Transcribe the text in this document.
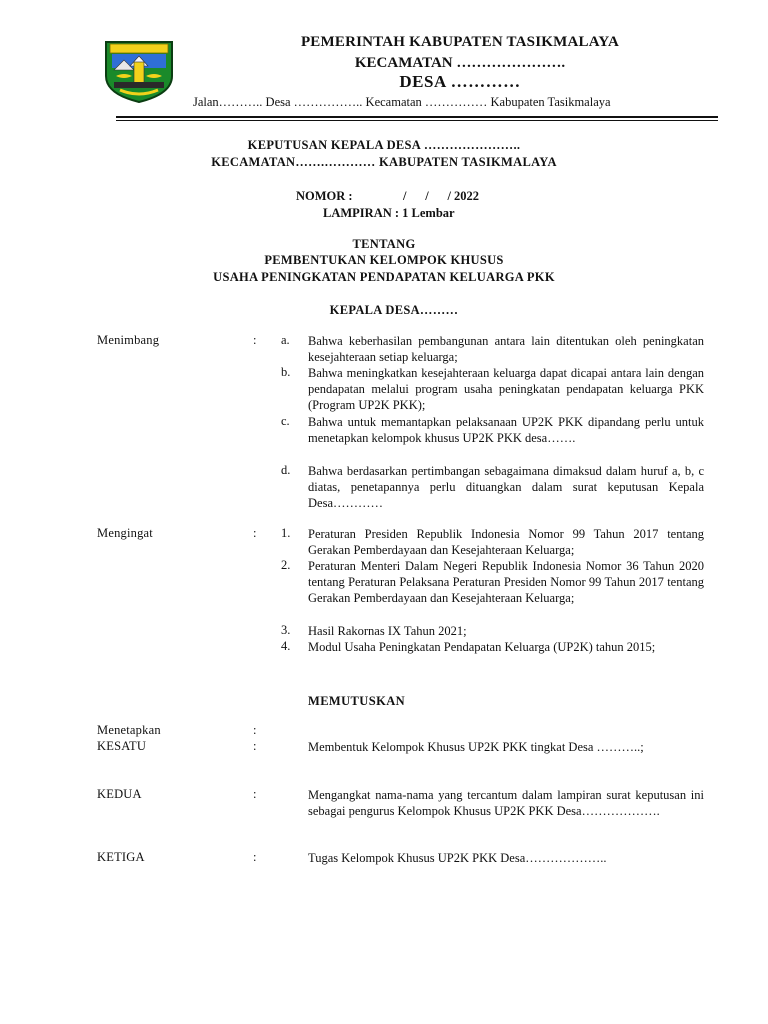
PEMERINTAH KABUPATEN TASIKMALAYA
KECAMATAN ………………….
DESA …………
Jalan……….. Desa …………….. Kecamatan …………… Kabupaten Tasikmalaya
KEPUTUSAN KEPALA DESA …………………..
KECAMATAN…….………… KABUPATEN TASIKMALAYA
NOMOR :	/      /      / 2022
LAMPIRAN : 1 Lembar
TENTANG
PEMBENTUKAN KELOMPOK KHUSUS
USAHA PENINGKATAN PENDAPATAN KELUARGA PKK
KEPALA DESA………
Menimbang	: a. Bahwa keberhasilan pembangunan antara lain ditentukan oleh peningkatan kesejahteraan setiap keluarga;
b. Bahwa meningkatkan kesejahteraan keluarga dapat dicapai antara lain dengan pendapatan melalui program usaha peningkatan pendapatan keluarga PKK (Program UP2K PKK);
c. Bahwa untuk memantapkan pelaksanaan UP2K PKK dipandang perlu untuk menetapkan kelompok khusus UP2K PKK desa…….
d. Bahwa berdasarkan pertimbangan sebagaimana dimaksud dalam huruf a, b, c diatas, penetapannya perlu dituangkan dalam surat keputusan Kepala Desa…………
Mengingat	: 1. Peraturan Presiden Republik Indonesia Nomor 99 Tahun 2017 tentang Gerakan Pemberdayaan dan Kesejahteraan Keluarga;
2. Peraturan Menteri Dalam Negeri Republik Indonesia Nomor 36 Tahun 2020 tentang Peraturan Pelaksana Peraturan Presiden Nomor 99 Tahun 2017 tentang Gerakan Pemberdayaan dan Kesejahteraan Keluarga;
3. Hasil Rakornas IX Tahun 2021;
4. Modul Usaha Peningkatan Pendapatan Keluarga (UP2K) tahun 2015;
MEMUTUSKAN
Menetapkan	:
KESATU	:	Membentuk Kelompok Khusus UP2K PKK tingkat Desa ………..;
KEDUA	:	Mengangkat nama-nama yang tercantum dalam lampiran surat keputusan ini sebagai pengurus Kelompok Khusus UP2K PKK Desa……………….
KETIGA	:	Tugas Kelompok Khusus UP2K PKK Desa………………..
